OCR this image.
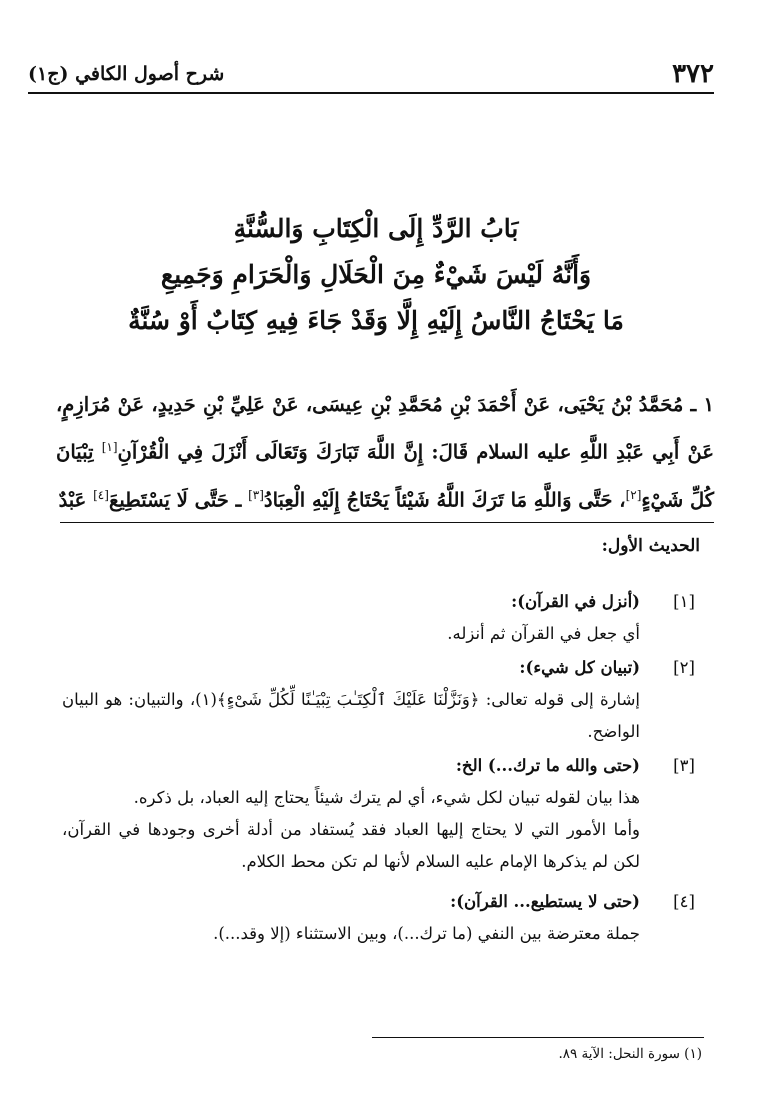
٣٧٢
شرح أصول الكافي (ج١)
بَابُ الرَّدِّ إِلَى الْكِتَابِ وَالسُّنَّةِ
وَأَنَّهُ لَيْسَ شَيْءٌ مِنَ الْحَلَالِ وَالْحَرَامِ وَجَمِيعِ
مَا يَحْتَاجُ النَّاسُ إِلَيْهِ إِلَّا وَقَدْ جَاءَ فِيهِ كِتَابٌ أَوْ سُنَّةٌ
١ ـ مُحَمَّدُ بْنُ يَحْيَى، عَنْ أَحْمَدَ بْنِ مُحَمَّدِ بْنِ عِيسَى، عَنْ عَلِيِّ بْنِ حَدِيدٍ، عَنْ مُرَازِمٍ، عَنْ أَبِي عَبْدِ اللَّهِ عليه السلام قَالَ: إِنَّ اللَّهَ تَبَارَكَ وَتَعَالَى أَنْزَلَ فِي الْقُرْآنِ[١] تِبْيَانَ كُلِّ شَيْءٍ[٢]، حَتَّى وَاللَّهِ مَا تَرَكَ اللَّهُ شَيْئاً يَحْتَاجُ إِلَيْهِ الْعِبَادُ[٣] ـ حَتَّى لَا يَسْتَطِيعَ[٤] عَبْدٌ
الحديث الأول:
[١]
(أنزل في القرآن):

أي جعل في القرآن ثم أنزله.

[٢]
(تبيان كل شيء):

إشارة إلى قوله تعالى: ﴿وَنَزَّلْنَا عَلَيْكَ ٱلْكِتَـٰبَ تِبْيَـٰنًا لِّكُلِّ شَىْءٍ﴾(١)، والتبيان: هو البيان الواضح.

[٣]
(حتى والله ما ترك...) الخ:

هذا بيان لقوله تبيان لكل شيء، أي لم يترك شيئاً يحتاج إليه العباد، بل ذكره.

وأما الأمور التي لا يحتاج إليها العباد فقد يُستفاد من أدلة أخرى وجودها في القرآن، لكن لم يذكرها الإمام عليه السلام لأنها لم تكن محط الكلام.

[٤]
(حتى لا يستطيع... القرآن):

جملة معترضة بين النفي (ما ترك...)، وبين الاستثناء (إلا وقد...).

(١) سورة النحل: الآية ٨٩.
